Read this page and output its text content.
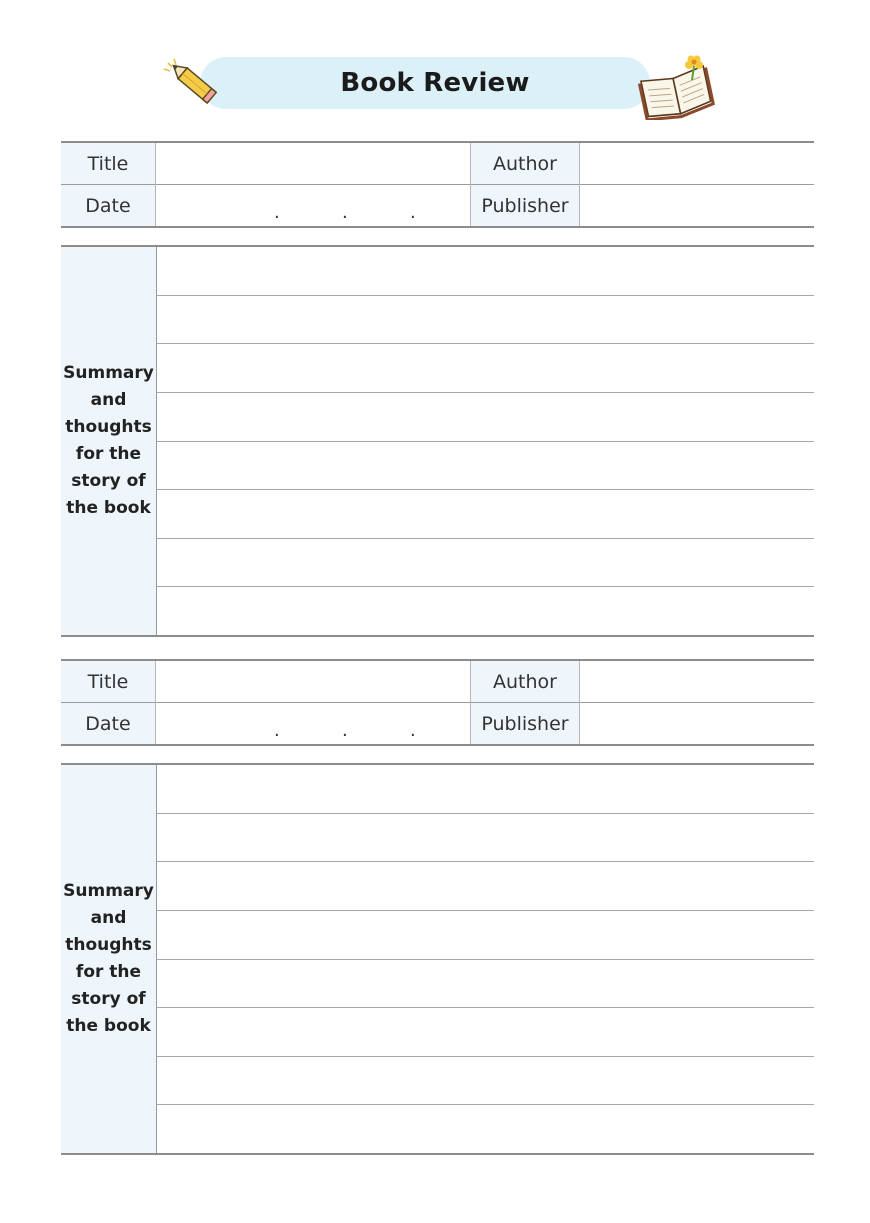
Book Review
Title		Author	
Date	. . .	Publisher	
Summary and thoughts for the story of the book
Title		Author	
Date	. . .	Publisher	
Summary and thoughts for the story of the book
